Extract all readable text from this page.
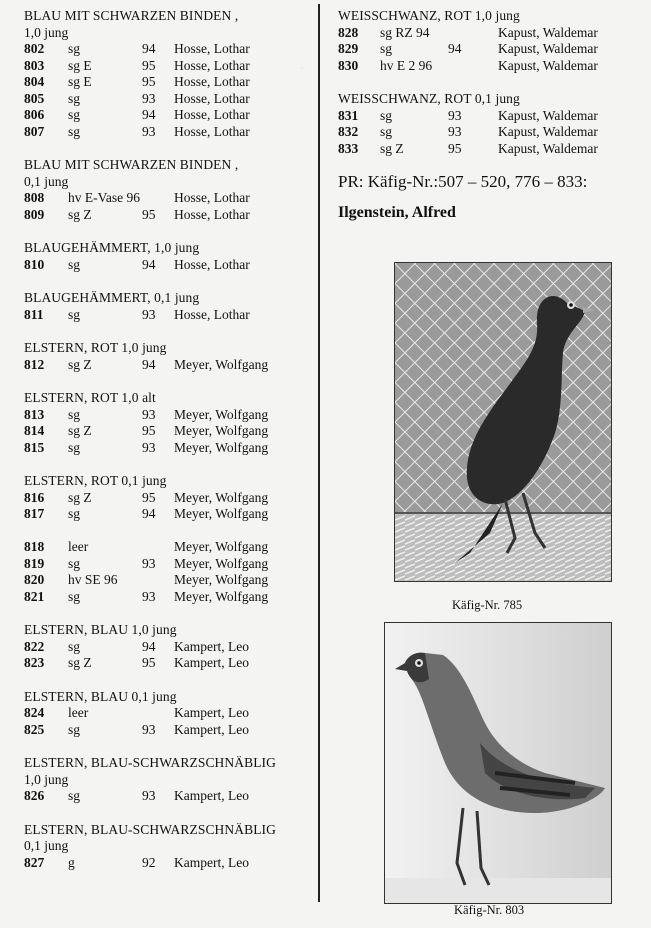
·
BLAU MIT SCHWARZEN BINDEN ,
1,0 jung
802 sg	94 Hosse, Lothar
803 sg E	95 Hosse, Lothar
804 sg E	95 Hosse, Lothar
805 sg	93 Hosse, Lothar
806 sg	94 Hosse, Lothar
807 sg	93 Hosse, Lothar
BLAU MIT SCHWARZEN BINDEN ,
0,1 jung
808 hv E-Vase 96	Hosse, Lothar
809 sg Z	95 Hosse, Lothar
BLAUGEHÄMMERT, 1,0 jung
810 sg	94 Hosse, Lothar
BLAUGEHÄMMERT, 0,1 jung
811 sg	93 Hosse, Lothar
ELSTERN, ROT 1,0 jung
812 sg Z	94 Meyer, Wolfgang
ELSTERN, ROT 1,0 alt
813 sg	93 Meyer, Wolfgang
814 sg Z	95 Meyer, Wolfgang
815 sg	93 Meyer, Wolfgang
ELSTERN, ROT 0,1 jung
816 sg Z	95 Meyer, Wolfgang
817 sg	94 Meyer, Wolfgang
818 leer	Meyer, Wolfgang
819 sg	93 Meyer, Wolfgang
820 hv SE 96	Meyer, Wolfgang
821 sg	93 Meyer, Wolfgang
ELSTERN, BLAU 1,0 jung
822 sg	94 Kampert, Leo
823 sg Z	95 Kampert, Leo
ELSTERN, BLAU 0,1 jung
824 leer	Kampert, Leo
825 sg	93 Kampert, Leo
ELSTERN, BLAU-SCHWARZSCHNÄBLIG
1,0 jung
826 sg	93 Kampert, Leo
ELSTERN, BLAU-SCHWARZSCHNÄBLIG
0,1 jung
827 g	92 Kampert, Leo
WEISSCHWANZ, ROT 1,0 jung
828 sg RZ 94	Kapust, Waldemar
829 sg	94	Kapust, Waldemar
830 hv E 2 96	Kapust, Waldemar
WEISSCHWANZ, ROT 0,1 jung
831 sg	93	Kapust, Waldemar
832 sg	93	Kapust, Waldemar
833 sg Z	95	Kapust, Waldemar
PR: Käfig-Nr.:507 – 520, 776 – 833:
Ilgenstein, Alfred
Käfig-Nr. 785
Käfig-Nr. 803
